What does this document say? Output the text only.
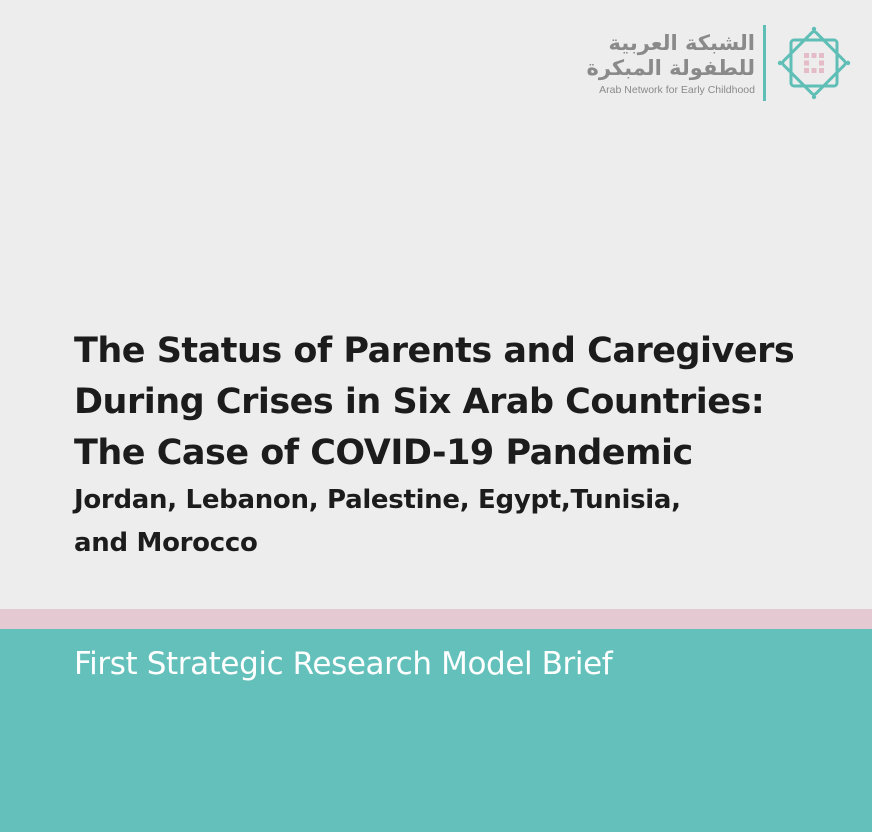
الشبكة العربية
للطفولة المبكرة
Arab Network for Early Childhood
The Status of Parents and Caregivers
During Crises in Six Arab Countries:
The Case of COVID-19 Pandemic
Jordan, Lebanon, Palestine, Egypt,Tunisia,
and Morocco
First Strategic Research Model Brief
